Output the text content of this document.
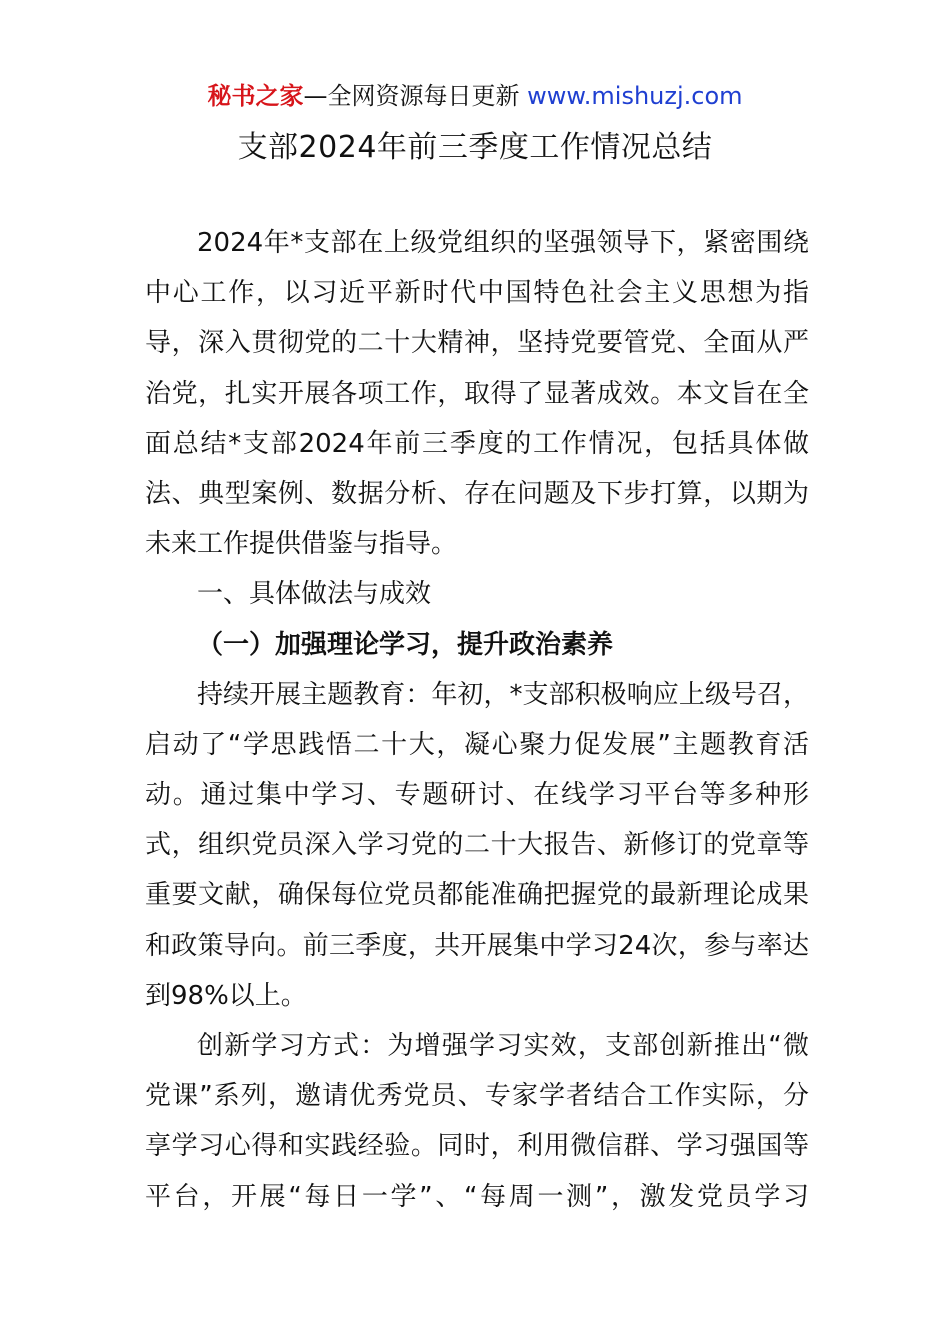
秘书之家—全网资源每日更新 www.mishuzj.com
支部2024年前三季度工作情况总结
2024年*支部在上级党组织的坚强领导下，紧密围绕
中心工作，以习近平新时代中国特色社会主义思想为指
导，深入贯彻党的二十大精神，坚持党要管党、全面从严
治党，扎实开展各项工作，取得了显著成效。本文旨在全
面总结*支部2024年前三季度的工作情况，包括具体做
法、典型案例、数据分析、存在问题及下步打算，以期为
未来工作提供借鉴与指导。
一、具体做法与成效
（一）加强理论学习，提升政治素养
持续开展主题教育：年初，*支部积极响应上级号召，
启动了“学思践悟二十大，凝心聚力促发展”主题教育活
动。通过集中学习、专题研讨、在线学习平台等多种形
式，组织党员深入学习党的二十大报告、新修订的党章等
重要文献，确保每位党员都能准确把握党的最新理论成果
和政策导向。前三季度，共开展集中学习24次，参与率达
到98%以上。
创新学习方式：为增强学习实效，支部创新推出“微
党课”系列，邀请优秀党员、专家学者结合工作实际，分
享学习心得和实践经验。同时，利用微信群、学习强国等
平台，开展“每日一学”、“每周一测”，激发党员学习
